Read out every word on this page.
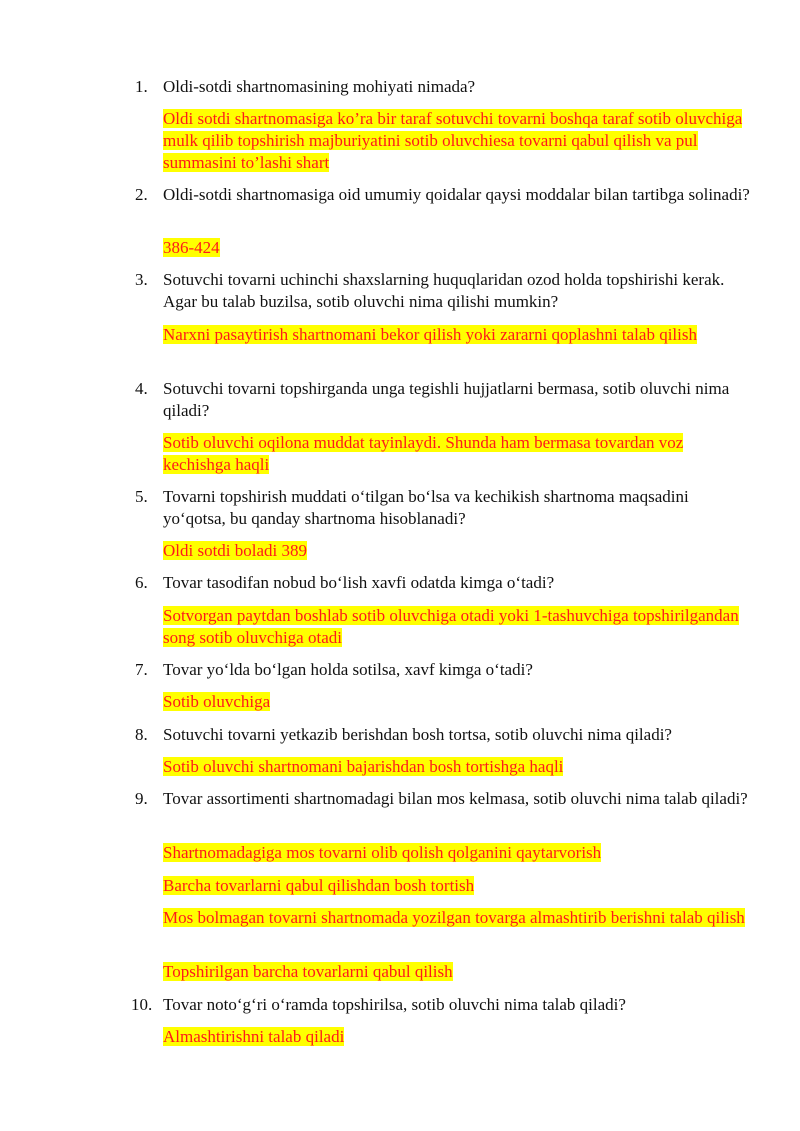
1. Oldi-sotdi shartnomasining mohiyati nimada?
Oldi sotdi shartnomasiga ko’ra bir taraf sotuvchi tovarni boshqa taraf sotib oluvchiga mulk qilib topshirish majburiyatini sotib oluvchiesa tovarni qabul qilish va pul summasini to’lashi shart
2. Oldi-sotdi shartnomasiga oid umumiy qoidalar qaysi moddalar bilan tartibga solinadi?
386-424
3. Sotuvchi tovarni uchinchi shaxslarning huquqlaridan ozod holda topshirishi kerak. Agar bu talab buzilsa, sotib oluvchi nima qilishi mumkin?
Narxni pasaytirish shartnomani bekor qilish yoki zararni qoplashni talab qilish
4. Sotuvchi tovarni topshirganda unga tegishli hujjatlarni bermasa, sotib oluvchi nima qiladi?
Sotib oluvchi oqilona muddat tayinlaydi. Shunda ham bermasa tovardan voz kechishga haqli
5. Tovarni topshirish muddati o‘tilgan bo‘lsa va kechikish shartnoma maqsadini yo‘qotsa, bu qanday shartnoma hisoblanadi?
Oldi sotdi boladi 389
6. Tovar tasodifan nobud bo‘lish xavfi odatda kimga o‘tadi?
Sotvorgan paytdan boshlab sotib oluvchiga otadi yoki 1-tashuvchiga topshirilgandan song sotib oluvchiga otadi
7. Tovar yo‘lda bo‘lgan holda sotilsa, xavf kimga o‘tadi?
Sotib oluvchiga
8. Sotuvchi tovarni yetkazib berishdan bosh tortsa, sotib oluvchi nima qiladi?
Sotib oluvchi shartnomani bajarishdan bosh tortishga haqli
9. Tovar assortimenti shartnomadagi bilan mos kelmasa, sotib oluvchi nima talab qiladi?
Shartnomadagiga mos tovarni olib qolish qolganini qaytarvorish
Barcha tovarlarni qabul qilishdan bosh tortish
Mos bolmagan tovarni shartnomada yozilgan tovarga almashtirib berishni talab qilish
Topshirilgan barcha tovarlarni qabul qilish
10. Tovar noto‘g‘ri o‘ramda topshirilsa, sotib oluvchi nima talab qiladi?
Almashtirishni talab qiladi
